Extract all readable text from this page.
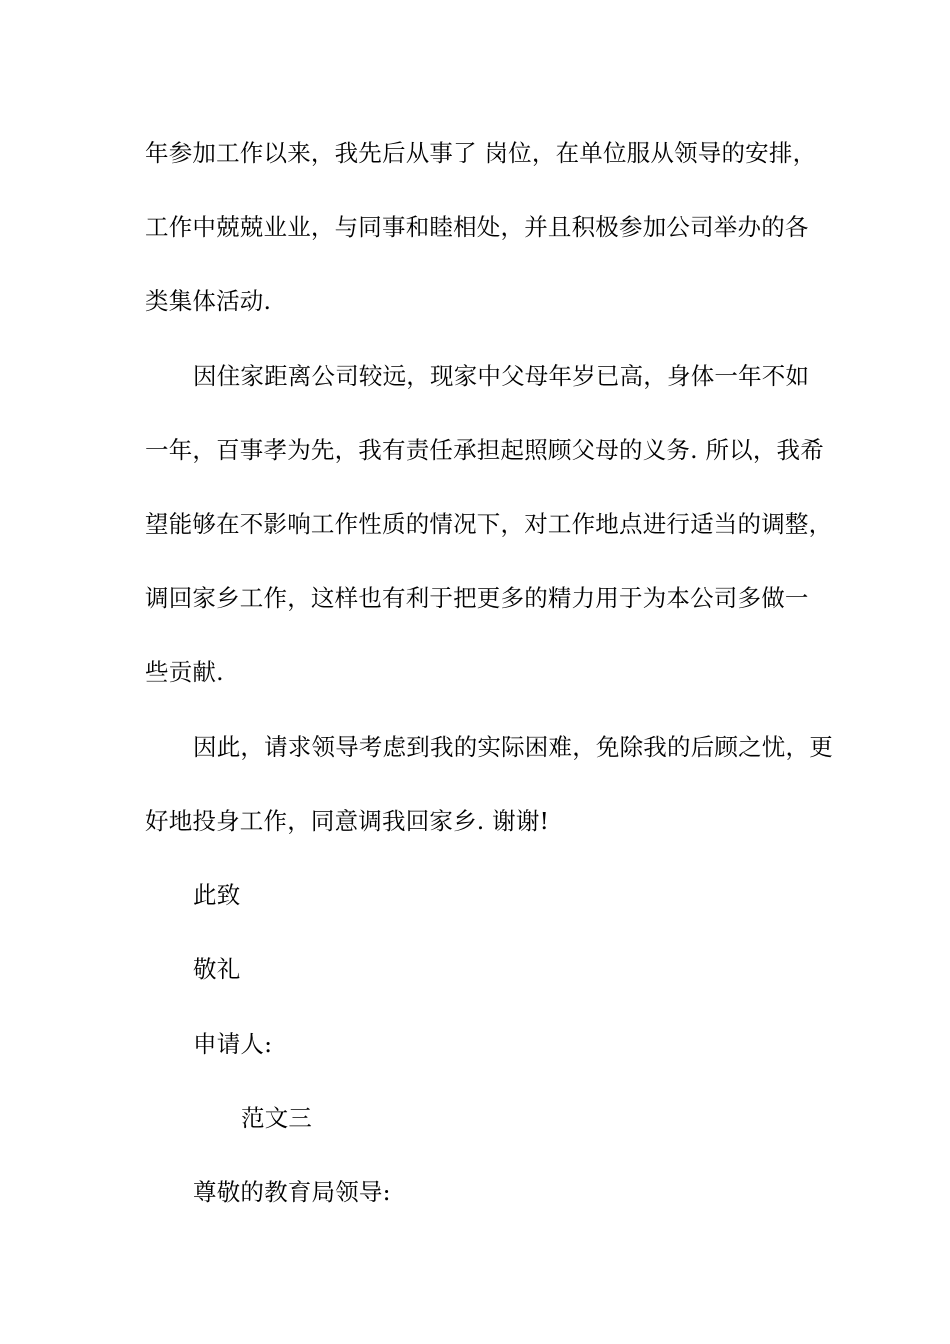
年参加工作以来，我先后从事了 岗位，在单位服从领导的安排，
工作中兢兢业业，与同事和睦相处，并且积极参加公司举办的各
类集体活动.
因住家距离公司较远，现家中父母年岁已高，身体一年不如
一年，百事孝为先，我有责任承担起照顾父母的义务. 所以，我希
望能够在不影响工作性质的情况下，对工作地点进行适当的调整，
调回家乡工作，这样也有利于把更多的精力用于为本公司多做一
些贡献.
因此，请求领导考虑到我的实际困难，免除我的后顾之忧，更
好地投身工作，同意调我回家乡. 谢谢!
此致
敬礼
申请人:
范文三
尊敬的教育局领导:
